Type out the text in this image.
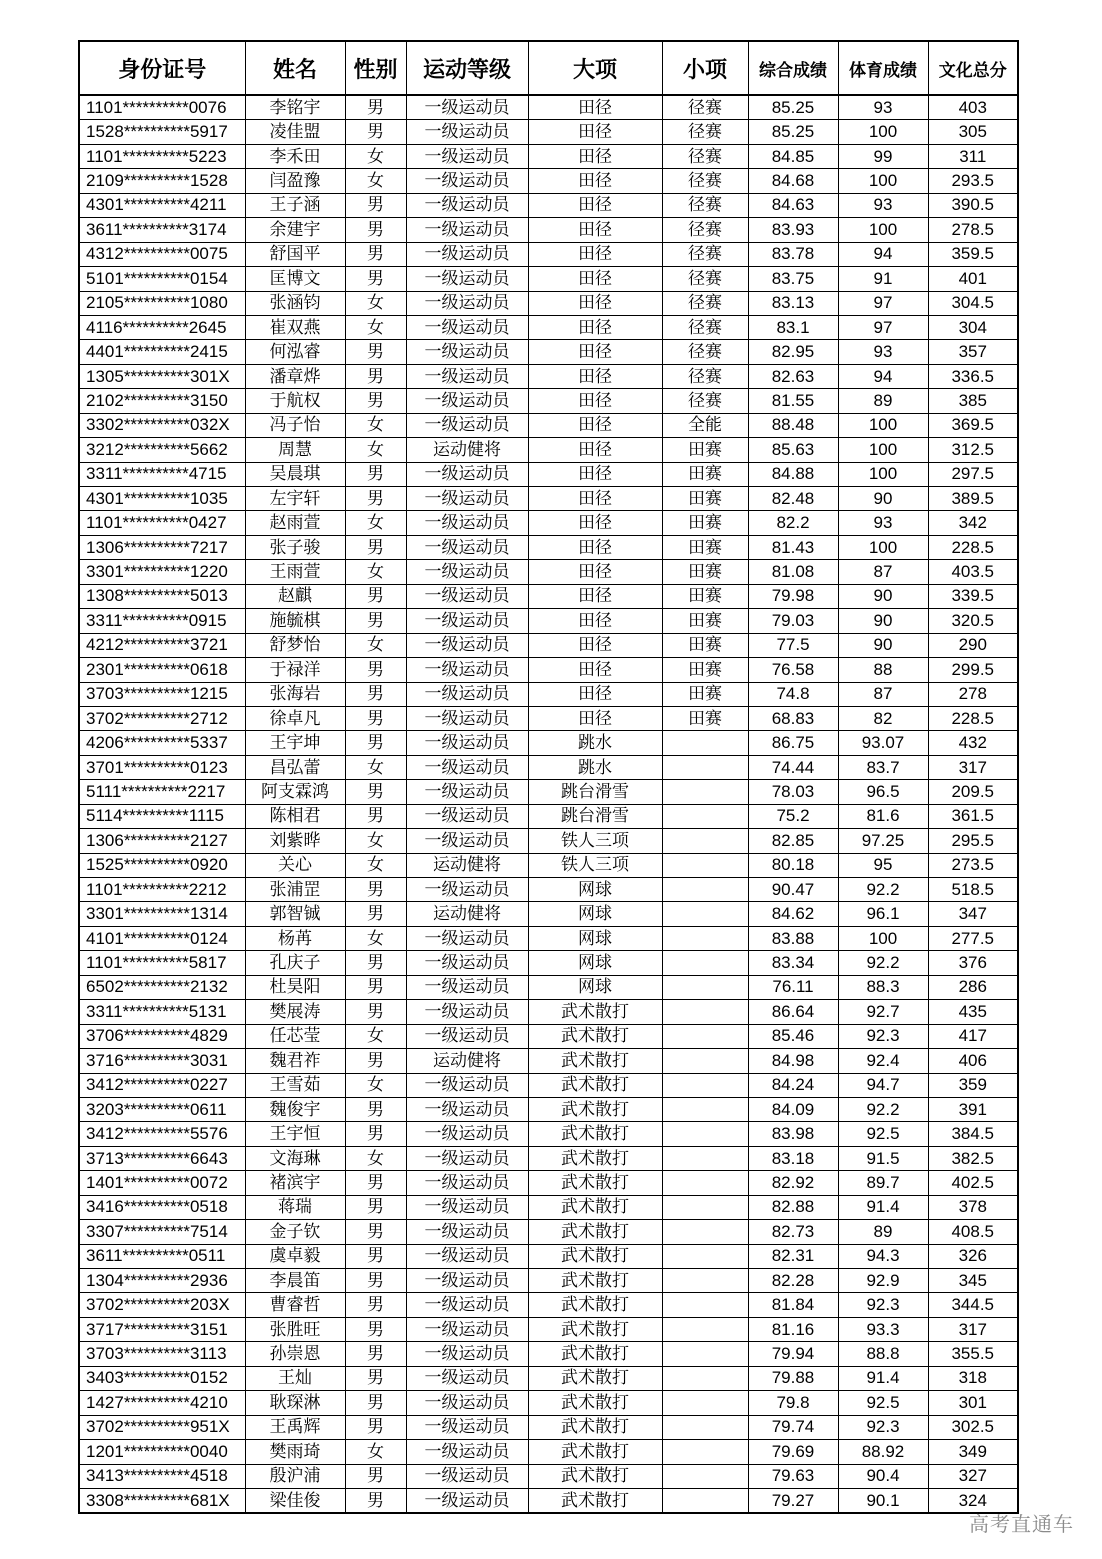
身份证号	姓名	性别	运动等级	大项	小项	综合成绩	体育成绩	文化总分
1101**********0076	李铭宇	男	一级运动员	田径	径赛	85.25	93	403
1528**********5917	凌佳盟	男	一级运动员	田径	径赛	85.25	100	305
1101**********5223	李禾田	女	一级运动员	田径	径赛	84.85	99	311
2109**********1528	闫盈豫	女	一级运动员	田径	径赛	84.68	100	293.5
4301**********4211	王子涵	男	一级运动员	田径	径赛	84.63	93	390.5
3611**********3174	余建宇	男	一级运动员	田径	径赛	83.93	100	278.5
4312**********0075	舒国平	男	一级运动员	田径	径赛	83.78	94	359.5
5101**********0154	匡博文	男	一级运动员	田径	径赛	83.75	91	401
2105**********1080	张涵钧	女	一级运动员	田径	径赛	83.13	97	304.5
4116**********2645	崔双燕	女	一级运动员	田径	径赛	83.1	97	304
4401**********2415	何泓睿	男	一级运动员	田径	径赛	82.95	93	357
1305**********301X	潘章烨	男	一级运动员	田径	径赛	82.63	94	336.5
2102**********3150	于航权	男	一级运动员	田径	径赛	81.55	89	385
3302**********032X	冯子怡	女	一级运动员	田径	全能	88.48	100	369.5
3212**********5662	周慧	女	运动健将	田径	田赛	85.63	100	312.5
3311**********4715	吴晨琪	男	一级运动员	田径	田赛	84.88	100	297.5
4301**********1035	左宇轩	男	一级运动员	田径	田赛	82.48	90	389.5
1101**********0427	赵雨萱	女	一级运动员	田径	田赛	82.2	93	342
1306**********7217	张子骏	男	一级运动员	田径	田赛	81.43	100	228.5
3301**********1220	王雨萱	女	一级运动员	田径	田赛	81.08	87	403.5
1308**********5013	赵麒	男	一级运动员	田径	田赛	79.98	90	339.5
3311**********0915	施毓棋	男	一级运动员	田径	田赛	79.03	90	320.5
4212**********3721	舒梦怡	女	一级运动员	田径	田赛	77.5	90	290
2301**********0618	于禄洋	男	一级运动员	田径	田赛	76.58	88	299.5
3703**********1215	张海岩	男	一级运动员	田径	田赛	74.8	87	278
3702**********2712	徐卓凡	男	一级运动员	田径	田赛	68.83	82	228.5
4206**********5337	王宇坤	男	一级运动员	跳水		86.75	93.07	432
3701**********0123	昌弘蕾	女	一级运动员	跳水		74.44	83.7	317
5111**********2217	阿支霖鸿	男	一级运动员	跳台滑雪		78.03	96.5	209.5
5114**********1115	陈相君	男	一级运动员	跳台滑雪		75.2	81.6	361.5
1306**********2127	刘紫晔	女	一级运动员	铁人三项		82.85	97.25	295.5
1525**********0920	关心	女	运动健将	铁人三项		80.18	95	273.5
1101**********2212	张浦罡	男	一级运动员	网球		90.47	92.2	518.5
3301**********1314	郭智铖	男	运动健将	网球		84.62	96.1	347
4101**********0124	杨苒	女	一级运动员	网球		83.88	100	277.5
1101**********5817	孔庆子	男	一级运动员	网球		83.34	92.2	376
6502**********2132	杜昊阳	男	一级运动员	网球		76.11	88.3	286
3311**********5131	樊展涛	男	一级运动员	武术散打		86.64	92.7	435
3706**********4829	任芯莹	女	一级运动员	武术散打		85.46	92.3	417
3716**********3031	魏君祚	男	运动健将	武术散打		84.98	92.4	406
3412**********0227	王雪茹	女	一级运动员	武术散打		84.24	94.7	359
3203**********0611	魏俊宇	男	一级运动员	武术散打		84.09	92.2	391
3412**********5576	王宇恒	男	一级运动员	武术散打		83.98	92.5	384.5
3713**********6643	文海琳	女	一级运动员	武术散打		83.18	91.5	382.5
1401**********0072	褚滨宇	男	一级运动员	武术散打		82.92	89.7	402.5
3416**********0518	蒋瑞	男	一级运动员	武术散打		82.88	91.4	378
3307**********7514	金子钦	男	一级运动员	武术散打		82.73	89	408.5
3611**********0511	虞卓毅	男	一级运动员	武术散打		82.31	94.3	326
1304**********2936	李晨笛	男	一级运动员	武术散打		82.28	92.9	345
3702**********203X	曹睿哲	男	一级运动员	武术散打		81.84	92.3	344.5
3717**********3151	张胜旺	男	一级运动员	武术散打		81.16	93.3	317
3703**********3113	孙崇恩	男	一级运动员	武术散打		79.94	88.8	355.5
3403**********0152	王灿	男	一级运动员	武术散打		79.88	91.4	318
1427**********4210	耿琛淋	男	一级运动员	武术散打		79.8	92.5	301
3702**********951X	王禹辉	男	一级运动员	武术散打		79.74	92.3	302.5
1201**********0040	樊雨琦	女	一级运动员	武术散打		79.69	88.92	349
3413**********4518	殷沪浦	男	一级运动员	武术散打		79.63	90.4	327
3308**********681X	梁佳俊	男	一级运动员	武术散打		79.27	90.1	324
高考直通车
